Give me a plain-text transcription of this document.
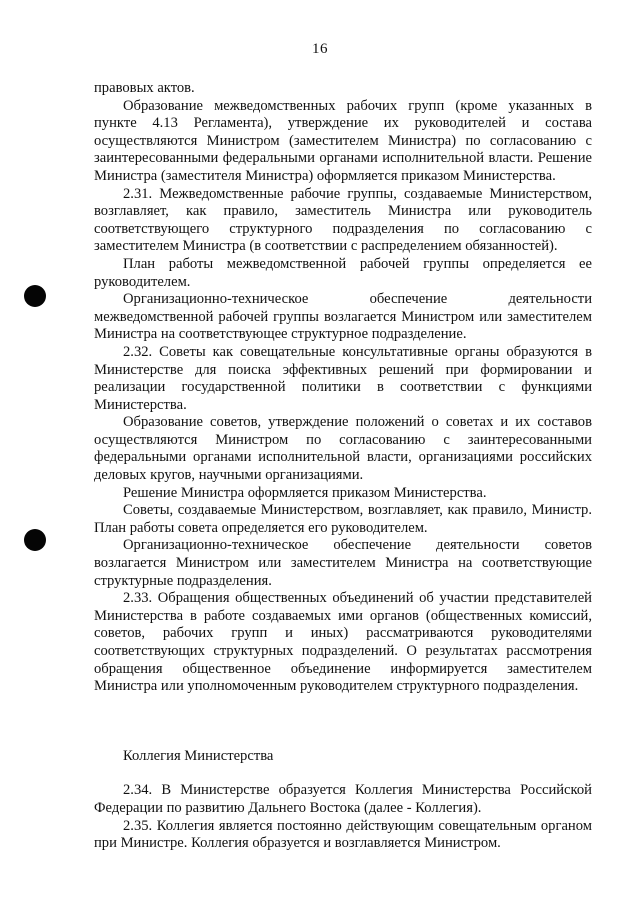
16

правовых актов.

Образование межведомственных рабочих групп (кроме указанных в пункте 4.13 Регламента), утверждение их руководителей и состава осуществляются Министром (заместителем Министра) по согласованию с заинтересованными федеральными органами исполнительной власти. Решение Министра (заместителя Министра) оформляется приказом Министерства.

2.31. Межведомственные рабочие группы, создаваемые Министерством, возглавляет, как правило, заместитель Министра или руководитель соответствующего структурного подразделения по согласованию с заместителем Министра (в соответствии с распределением обязанностей).

План работы межведомственной рабочей группы определяется ее руководителем.

Организационно-техническое обеспечение деятельности межведомственной рабочей группы возлагается Министром или заместителем Министра на соответствующее структурное подразделение.

2.32. Советы как совещательные консультативные органы образуются в Министерстве для поиска эффективных решений при формировании и реализации государственной политики в соответствии с функциями Министерства.

Образование советов, утверждение положений о советах и их составов осуществляются Министром по согласованию с заинтересованными федеральными органами исполнительной власти, организациями российских деловых кругов, научными организациями.

Решение Министра оформляется приказом Министерства.

Советы, создаваемые Министерством, возглавляет, как правило, Министр. План работы совета определяется его руководителем.

Организационно-техническое обеспечение деятельности советов возлагается Министром или заместителем Министра на соответствующие структурные подразделения.

2.33. Обращения общественных объединений об участии представителей Министерства в работе создаваемых ими органов (общественных комиссий, советов, рабочих групп и иных) рассматриваются руководителями соответствующих структурных подразделений. О результатах рассмотрения обращения общественное объединение информируется заместителем Министра или уполномоченным руководителем структурного подразделения.

Коллегия Министерства

2.34. В Министерстве образуется Коллегия Министерства Российской Федерации по развитию Дальнего Востока (далее - Коллегия).

2.35. Коллегия является постоянно действующим совещательным органом при Министре. Коллегия образуется и возглавляется Министром.
